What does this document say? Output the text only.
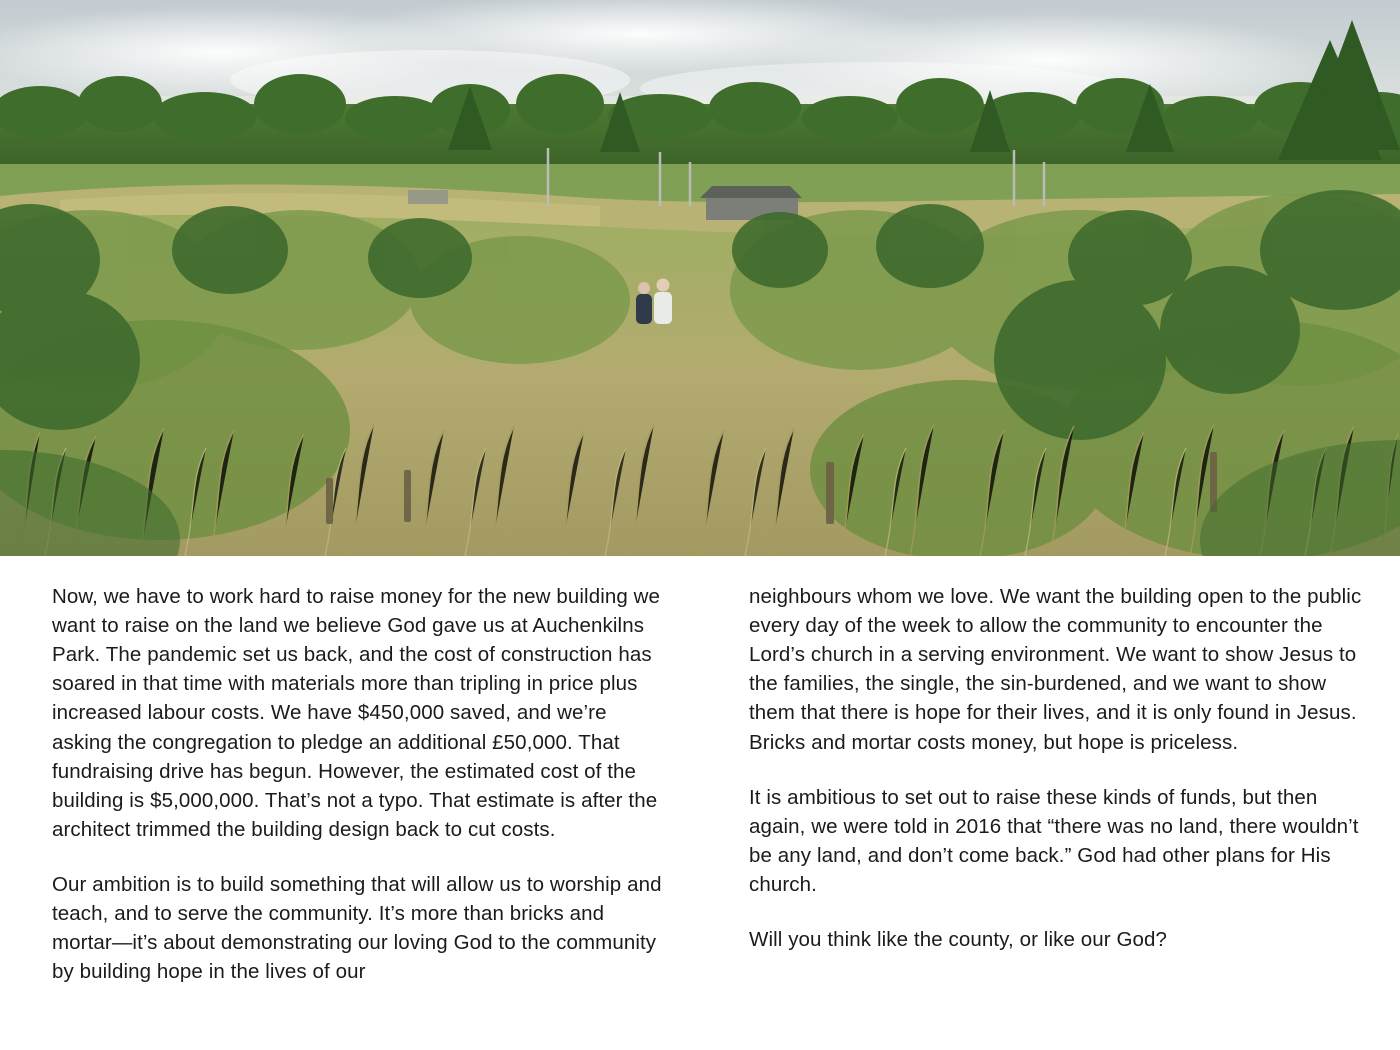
Now, we have to work hard to raise money for the new building we want to raise on the land we believe God gave us at Auchenkilns Park. The pandemic set us back, and the cost of construction has soared in that time with materials more than tripling in price plus increased labour costs. We have $450,000 saved, and we’re asking the congregation to pledge an additional £50,000. That fundraising drive has begun. However, the estimated cost of the building is $5,000,000. That’s not a typo. That estimate is after the architect trimmed the building design back to cut costs.

Our ambition is to build something that will allow us to worship and teach, and to serve the community. It’s more than bricks and mortar—it’s about demonstrating our loving God to the community by building hope in the lives of our

neighbours whom we love. We want the building open to the public every day of the week to allow the community to encounter the Lord’s church in a serving environment. We want to show Jesus to the families, the single, the sin-burdened, and we want to show them that there is hope for their lives, and it is only found in Jesus. Bricks and mortar costs money, but hope is priceless.

It is ambitious to set out to raise these kinds of funds, but then again, we were told in 2016 that “there was no land, there wouldn’t be any land, and don’t come back.” God had other plans for His church.

Will you think like the county, or like our God?
